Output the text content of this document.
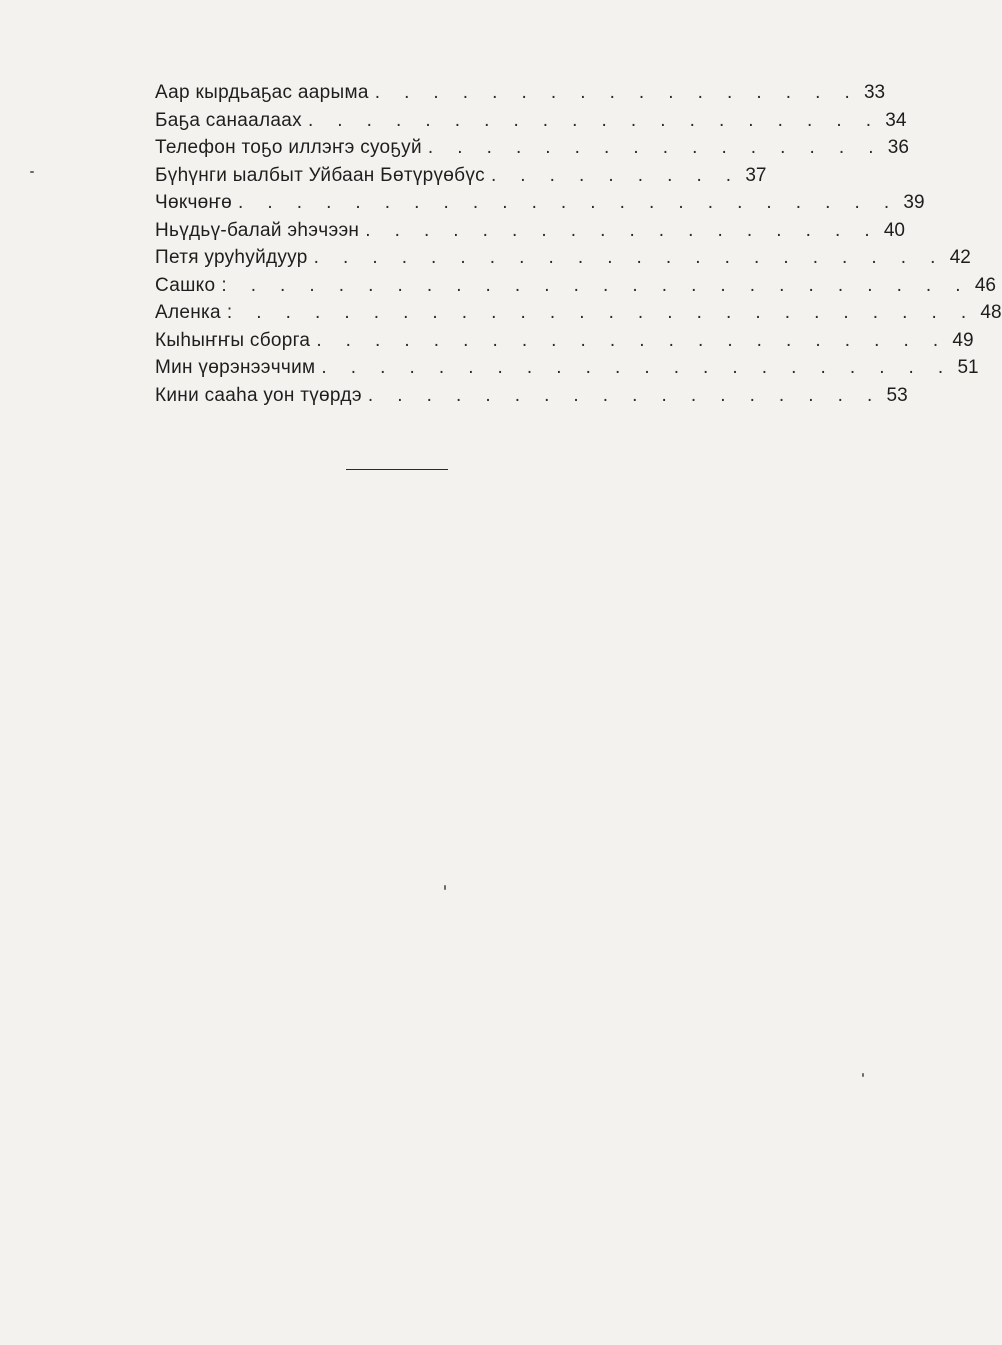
Аар кырдьаҕас аарыма . . . . . . . . . . . . . . . . . 33
Баҕа санаалаах . . . . . . . . . . . . . . . . . . . . 34
Телефон тоҕо иллэҥэ суоҕуй . . . . . . . . . . . . . . . . 36
Бүһүнги ыалбыт Уйбаан Бөтүрүөбүс . . . . . . . . . 37
Чөкчөҥө . . . . . . . . . . . . . . . . . . . . . . . 39
Ньүдьү-балай эһэчээн . . . . . . . . . . . . . . . . . . 40
Петя уруһуйдуур . . . . . . . . . . . . . . . . . . . . . . 42
Сашко : . . . . . . . . . . . . . . . . . . . . . . . . . 46
Аленка : . . . . . . . . . . . . . . . . . . . . . . . . . 48
Кыһыҥҥы сборга . . . . . . . . . . . . . . . . . . . . . . 49
Мин үөрэнээччим . . . . . . . . . . . . . . . . . . . . . . 51
Кини сааһа уон түөрдэ . . . . . . . . . . . . . . . . . . 53
